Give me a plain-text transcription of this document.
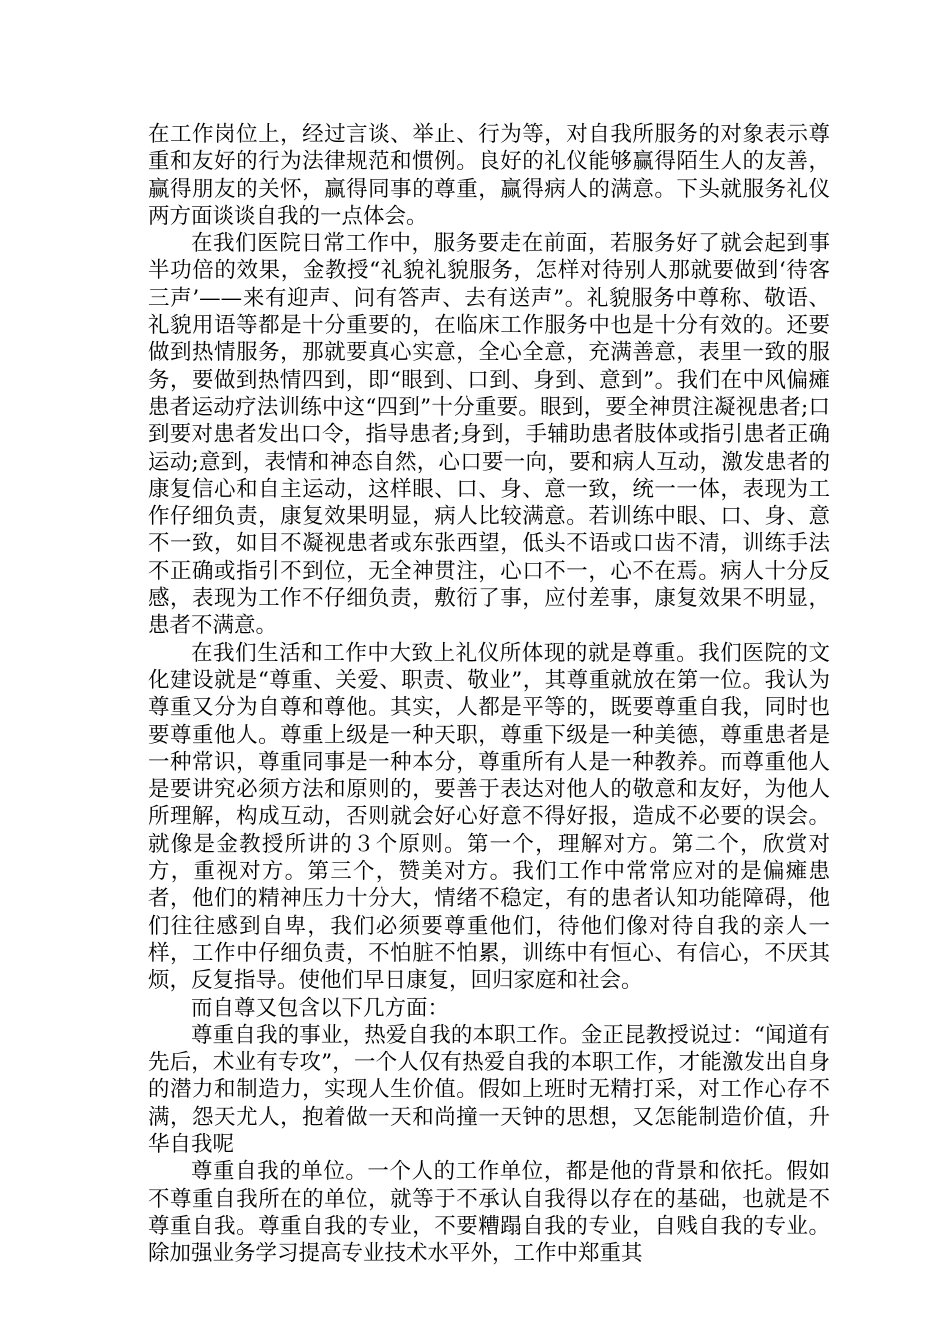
在工作岗位上，经过言谈、举止、行为等，对自我所服务的对象表示尊重和友好的行为法律规范和惯例。良好的礼仪能够赢得陌生人的友善，赢得朋友的关怀，赢得同事的尊重，赢得病人的满意。下头就服务礼仪两方面谈谈自我的一点体会。

在我们医院日常工作中，服务要走在前面，若服务好了就会起到事半功倍的效果，金教授“礼貌礼貌服务，怎样对待别人那就要做到‘待客三声’——来有迎声、问有答声、去有送声”。礼貌服务中尊称、敬语、礼貌用语等都是十分重要的，在临床工作服务中也是十分有效的。还要做到热情服务，那就要真心实意，全心全意，充满善意，表里一致的服务，要做到热情四到，即“眼到、口到、身到、意到”。我们在中风偏瘫患者运动疗法训练中这“四到”十分重要。眼到，要全神贯注凝视患者;口到要对患者发出口令，指导患者;身到，手辅助患者肢体或指引患者正确运动;意到，表情和神态自然，心口要一向，要和病人互动，激发患者的康复信心和自主运动，这样眼、口、身、意一致，统一一体，表现为工作仔细负责，康复效果明显，病人比较满意。若训练中眼、口、身、意不一致，如目不凝视患者或东张西望，低头不语或口齿不清，训练手法不正确或指引不到位，无全神贯注，心口不一，心不在焉。病人十分反感，表现为工作不仔细负责，敷衍了事，应付差事，康复效果不明显，患者不满意。

在我们生活和工作中大致上礼仪所体现的就是尊重。我们医院的文化建设就是“尊重、关爱、职责、敬业”，其尊重就放在第一位。我认为尊重又分为自尊和尊他。其实，人都是平等的，既要尊重自我，同时也要尊重他人。尊重上级是一种天职，尊重下级是一种美德，尊重患者是一种常识，尊重同事是一种本分，尊重所有人是一种教养。而尊重他人是要讲究必须方法和原则的，要善于表达对他人的敬意和友好，为他人所理解，构成互动，否则就会好心好意不得好报，造成不必要的误会。就像是金教授所讲的３个原则。第一个，理解对方。第二个，欣赏对方，重视对方。第三个，赞美对方。我们工作中常常应对的是偏瘫患者，他们的精神压力十分大，情绪不稳定，有的患者认知功能障碍，他们往往感到自卑，我们必须要尊重他们，待他们像对待自我的亲人一样，工作中仔细负责，不怕脏不怕累，训练中有恒心、有信心，不厌其烦，反复指导。使他们早日康复，回归家庭和社会。

而自尊又包含以下几方面：

尊重自我的事业，热爱自我的本职工作。金正昆教授说过：“闻道有先后，术业有专攻”，一个人仅有热爱自我的本职工作，才能激发出自身的潜力和制造力，实现人生价值。假如上班时无精打采，对工作心存不满，怨天尤人，抱着做一天和尚撞一天钟的思想，又怎能制造价值，升华自我呢

尊重自我的单位。一个人的工作单位，都是他的背景和依托。假如不尊重自我所在的单位，就等于不承认自我得以存在的基础，也就是不尊重自我。尊重自我的专业，不要糟蹋自我的专业，自贱自我的专业。除加强业务学习提高专业技术水平外，工作中郑重其
